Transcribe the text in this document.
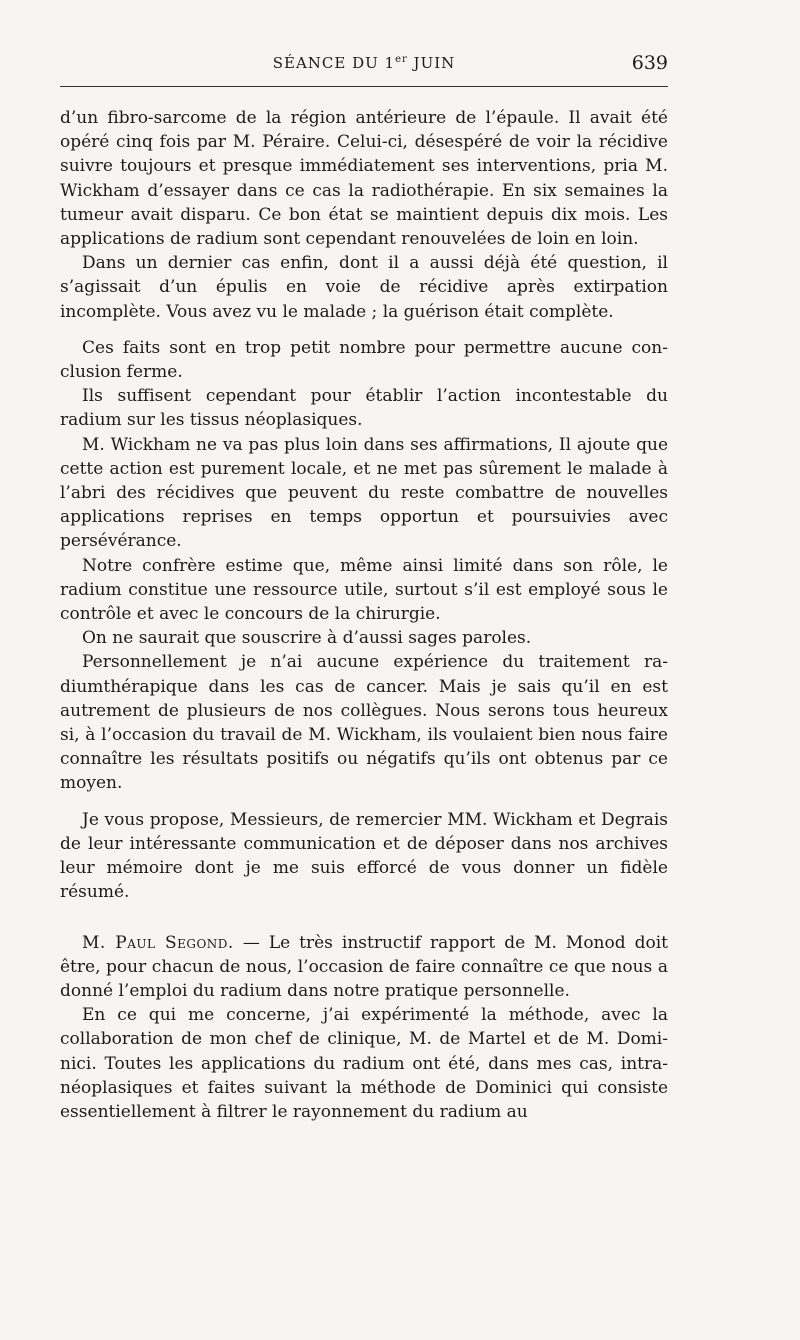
SÉANCE DU 1er JUIN	639

d’un fibro-sarcome de la région antérieure de l’épaule. Il avait été opéré cinq fois par M. Péraire. Celui-ci, désespéré de voir la récidive suivre toujours et presque immédiatement ses interventions, pria M. Wickham d’essayer dans ce cas la radiothérapie. En six semaines la tumeur avait disparu. Ce bon état se maintient depuis dix mois. Les applications de radium sont cependant renouvelées de loin en loin.

Dans un dernier cas enfin, dont il a aussi déjà été question, il s’agissait d’un épulis en voie de récidive après extirpation incomplète. Vous avez vu le malade ; la guérison était complète.

Ces faits sont en trop petit nombre pour permettre aucune conclusion ferme.

Ils suffisent cependant pour établir l’action incontestable du radium sur les tissus néoplasiques.

M. Wickham ne va pas plus loin dans ses affirmations, Il ajoute que cette action est purement locale, et ne met pas sûrement le malade à l’abri des récidives que peuvent du reste combattre de nouvelles applications reprises en temps opportun et poursuivies avec persévérance.

Notre confrère estime que, même ainsi limité dans son rôle, le radium constitue une ressource utile, surtout s’il est employé sous le contrôle et avec le concours de la chirurgie.

On ne saurait que souscrire à d’aussi sages paroles.

Personnellement je n’ai aucune expérience du traitement radiumthérapique dans les cas de cancer. Mais je sais qu’il en est autrement de plusieurs de nos collègues. Nous serons tous heureux si, à l’occasion du travail de M. Wickham, ils voulaient bien nous faire connaître les résultats positifs ou négatifs qu’ils ont obtenus par ce moyen.

Je vous propose, Messieurs, de remercier MM. Wickham et Degrais de leur intéressante communication et de déposer dans nos archives leur mémoire dont je me suis efforcé de vous donner un fidèle résumé.

M. Paul Segond. — Le très instructif rapport de M. Monod doit être, pour chacun de nous, l’occasion de faire connaître ce que nous a donné l’emploi du radium dans notre pratique personnelle.

En ce qui me concerne, j’ai expérimenté la méthode, avec la collaboration de mon chef de clinique, M. de Martel et de M. Dominici. Toutes les applications du radium ont été, dans mes cas, intra-néoplasiques et faites suivant la méthode de Dominici qui consiste essentiellement à filtrer le rayonnement du radium au
